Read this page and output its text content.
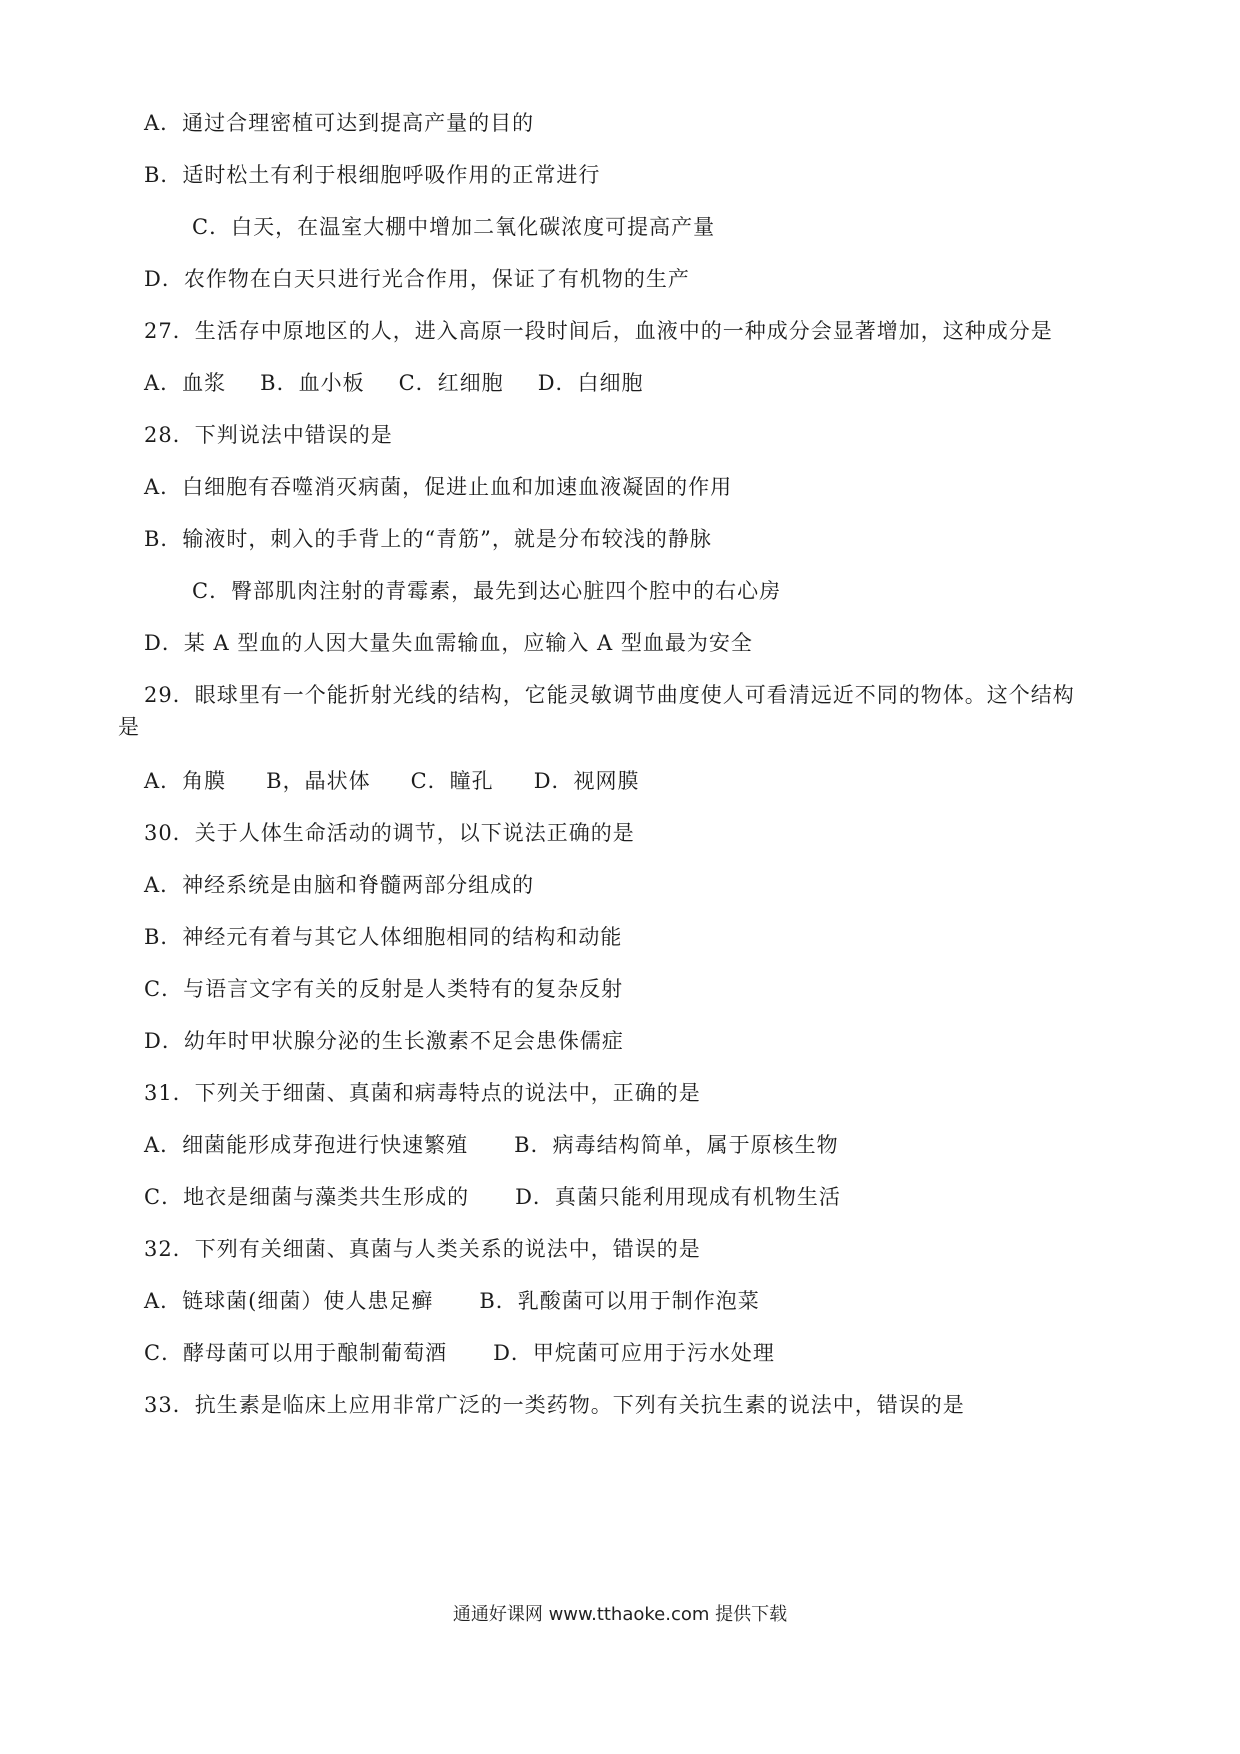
A．通过合理密植可达到提高产量的目的
B．适时松土有利于根细胞呼吸作用的正常进行
C．白天，在温室大棚中增加二氧化碳浓度可提高产量
D．农作物在白天只进行光合作用，保证了有机物的生产
27．生活存中原地区的人，进入高原一段时间后，血液中的一种成分会显著增加，这种成分是
A．血浆 B．血小板 C．红细胞 D．白细胞
28．下判说法中错误的是
A．白细胞有吞噬消灭病菌，促进止血和加速血液凝固的作用
B．输液时，刺入的手背上的“青筋”，就是分布较浅的静脉
C．臀部肌肉注射的青霉素，最先到达心脏四个腔中的右心房
D．某 A 型血的人因大量失血需输血，应输入 A 型血最为安全
29．眼球里有一个能折射光线的结构，它能灵敏调节曲度使人可看清远近不同的物体。这个结构
是
A．角膜 B，晶状体 C．瞳孔 D．视网膜
30．关于人体生命活动的调节，以下说法正确的是
A．神经系统是由脑和脊髓两部分组成的
B．神经元有着与其它人体细胞相同的结构和动能
C．与语言文字有关的反射是人类特有的复杂反射
D．幼年时甲状腺分泌的生长激素不足会患侏儒症
31．下列关于细菌、真菌和病毒特点的说法中，正确的是
A．细菌能形成芽孢进行快速繁殖 B．病毒结构简单，属于原核生物
C．地衣是细菌与藻类共生形成的 D．真菌只能利用现成有机物生活
32．下列有关细菌、真菌与人类关系的说法中，错误的是
A．链球菌(细菌）使人患足癣 B．乳酸菌可以用于制作泡菜
C．酵母菌可以用于酿制葡萄酒 D．甲烷菌可应用于污水处理
33．抗生素是临床上应用非常广泛的一类药物。下列有关抗生素的说法中，错误的是
通通好课网 www.tthaoke.com 提供下载
